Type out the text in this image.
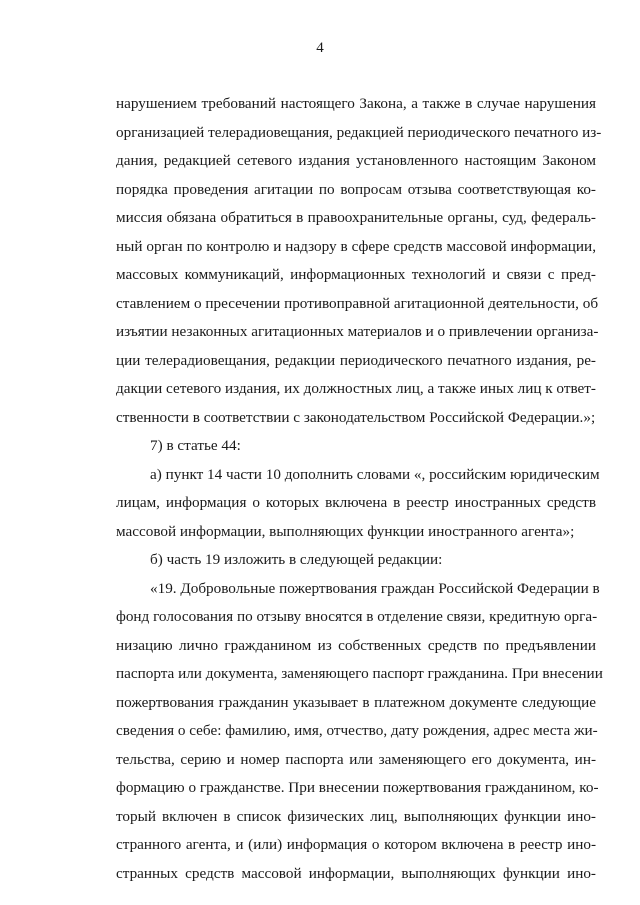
4
нарушением требований настоящего Закона, а также в случае нарушения
организацией телерадиовещания, редакцией периодического печатного из-
дания, редакцией сетевого издания установленного настоящим Законом
порядка проведения агитации по вопросам отзыва соответствующая ко-
миссия обязана обратиться в правоохранительные органы, суд, федераль-
ный орган по контролю и надзору в сфере средств массовой информации,
массовых коммуникаций, информационных технологий и связи с пред-
ставлением о пресечении противоправной агитационной деятельности, об
изъятии незаконных агитационных материалов и о привлечении организа-
ции телерадиовещания, редакции периодического печатного издания, ре-
дакции сетевого издания, их должностных лиц, а также иных лиц к ответ-
ственности в соответствии с законодательством Российской Федерации.»;
7) в статье 44:
а) пункт 14 части 10 дополнить словами «, российским юридическим
лицам, информация о которых включена в реестр иностранных средств
массовой информации, выполняющих функции иностранного агента»;
б) часть 19 изложить в следующей редакции:
«19. Добровольные пожертвования граждан Российской Федерации в
фонд голосования по отзыву вносятся в отделение связи, кредитную орга-
низацию лично гражданином из собственных средств по предъявлении
паспорта или документа, заменяющего паспорт гражданина. При внесении
пожертвования гражданин указывает в платежном документе следующие
сведения о себе: фамилию, имя, отчество, дату рождения, адрес места жи-
тельства, серию и номер паспорта или заменяющего его документа, ин-
формацию о гражданстве. При внесении пожертвования гражданином, ко-
торый включен в список физических лиц, выполняющих функции ино-
странного агента, и (или) информация о котором включена в реестр ино-
странных средств массовой информации, выполняющих функции ино-
